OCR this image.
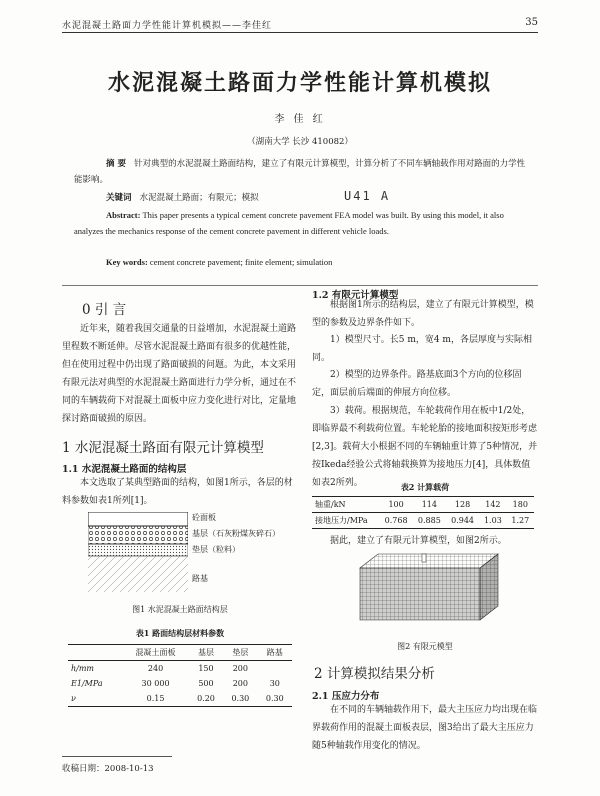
水泥混凝土路面力学性能计算机模拟——李佳红	35
水泥混凝土路面力学性能计算机模拟
李 佳 红
（湖南大学 长沙 410082）
摘 要 针对典型的水泥混凝土路面结构，建立了有限元计算模型，计算分析了不同车辆轴载作用对路面的力学性能影响。
关键词 水泥混凝土路面；有限元；模拟	U41 A
Abstract: This paper presents a typical cement concrete pavement FEA model was built. By using this model, it also analyzes the mechanics response of the cement concrete pavement in different vehicle loads.
Key words: cement concrete pavement; finite element; simulation
0 引 言
近年来，随着我国交通量的日益增加，水泥混凝土道路里程数不断延伸。尽管水泥混凝土路面有很多的优越性能，但在使用过程中仍出现了路面破损的问题。为此，本文采用有限元法对典型的水泥混凝土路面进行力学分析，通过在不同的车辆载荷下对混凝土面板中应力变化进行对比，定量地探讨路面破损的原因。
1 水泥混凝土路面有限元计算模型
1.1 水泥混凝土路面的结构层
本文选取了某典型路面的结构，如图1所示，各层的材料参数如表1所列[1]。
砼面板
基层（石灰粉煤灰碎石）
垫层（粒料）
路基
图1 水泥混凝土路面结构层
表1 路面结构层材料参数
	混凝土面板	基层	垫层	路基
h/mm	240	150	200	
E1/MPa	30 000	500	200	30
ν	0.15	0.20	0.30	0.30
收稿日期：2008-10-13
1.2 有限元计算模型
根据图1所示的结构层，建立了有限元计算模型，模型的参数及边界条件如下。
1）模型尺寸。长5 m，宽4 m，各层厚度与实际相同。
2）模型的边界条件。路基底面3个方向的位移固定，面层前后端面的伸展方向位移。
3）载荷。根据规范，车轮载荷作用在板中1/2处，即临界最不利载荷位置。车轮轮胎的接地面积按矩形考虑[2,3]。载荷大小根据不同的车辆轴重计算了5种情况，并按Ikeda经验公式将轴载换算为接地压力[4]，具体数值如表2所列。	表2 计算载荷
轴重/kN	100	114	128	142	180
接地压力/MPa	0.768	0.885	0.944	1.03	1.27
据此，建立了有限元计算模型，如图2所示。
图2 有限元模型
2 计算模拟结果分析
2.1 压应力分布
在不同的车辆轴载作用下，最大主压应力均出现在临界载荷作用的混凝土面板表层，图3给出了最大主压应力随5种轴载作用变化的情况。
